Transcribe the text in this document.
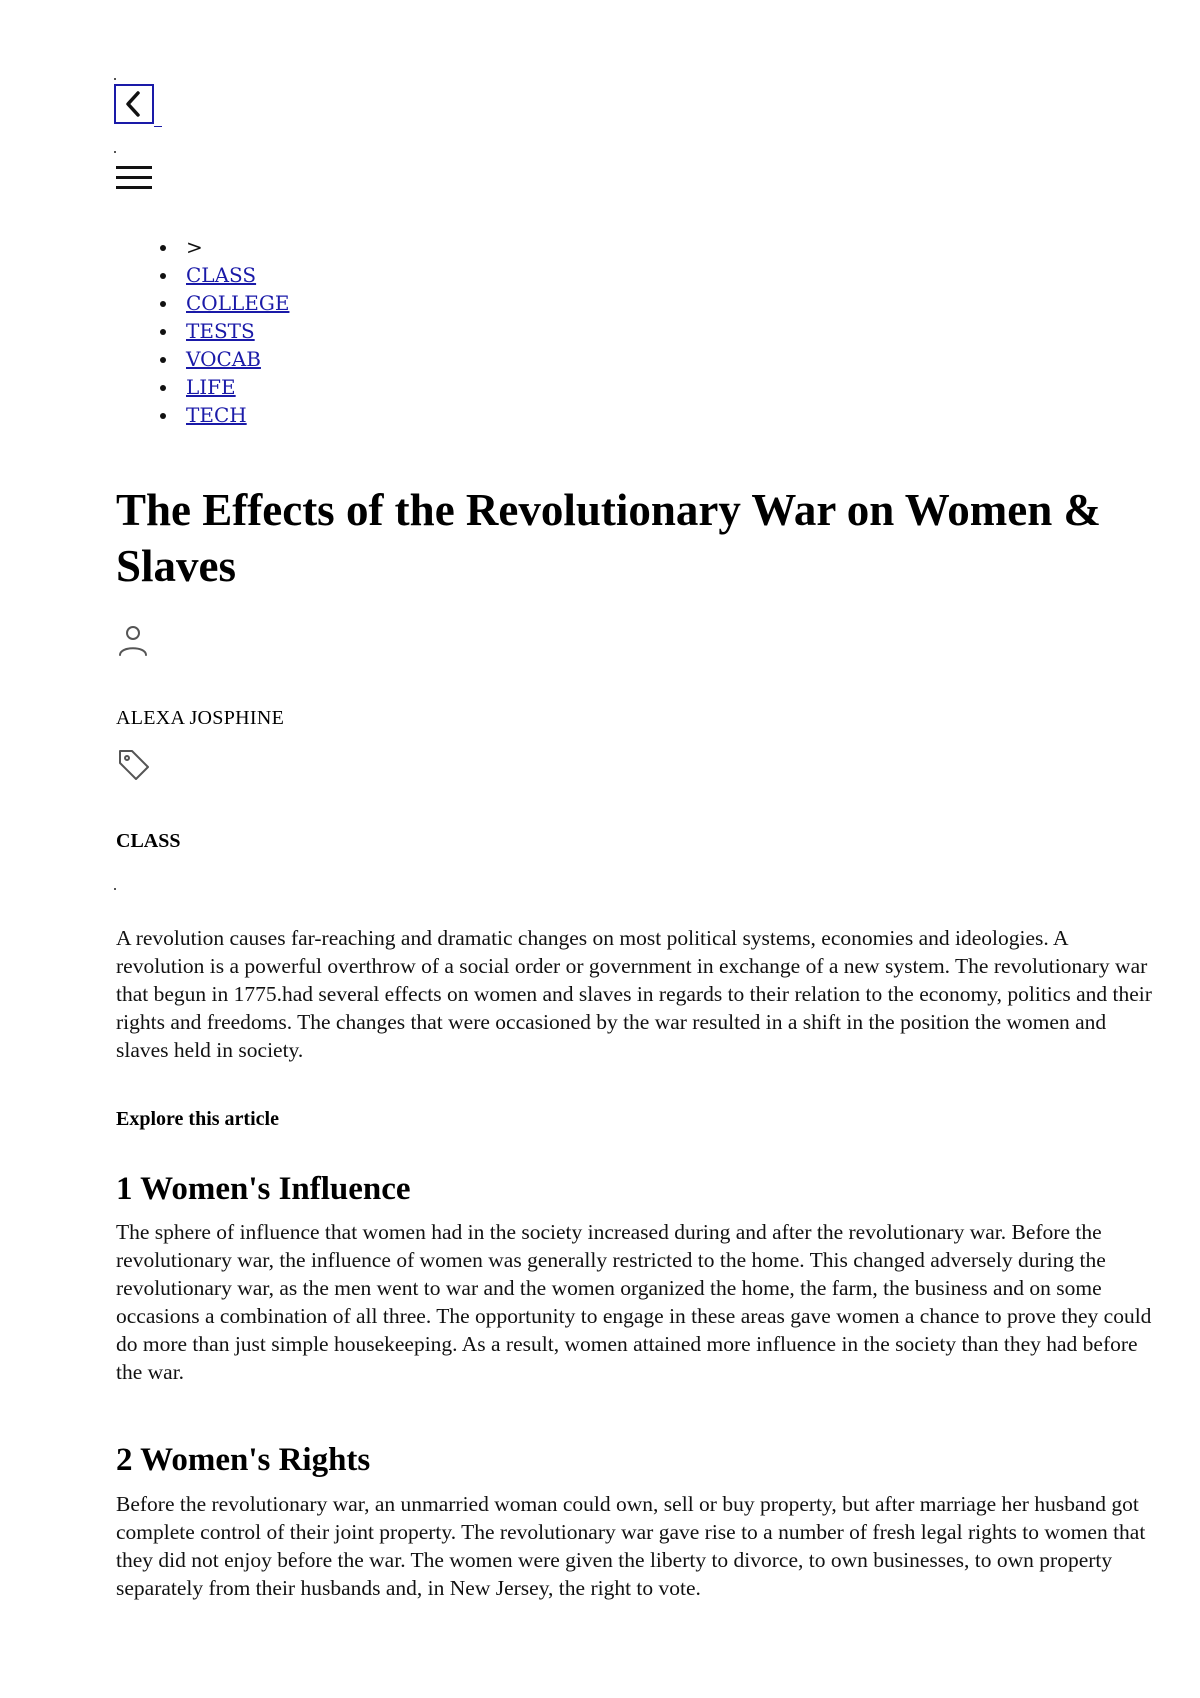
>
CLASS
COLLEGE
TESTS
VOCAB
LIFE
TECH
The Effects of the Revolutionary War on Women & Slaves
ALEXA JOSPHINE
CLASS

A revolution causes far-reaching and dramatic changes on most political systems, economies and ideologies. A revolution is a powerful overthrow of a social order or government in exchange of a new system. The revolutionary war that begun in 1775.had several effects on women and slaves in regards to their relation to the economy, politics and their rights and freedoms. The changes that were occasioned by the war resulted in a shift in the position the women and slaves held in society.

Explore this article
1 Women's Influence

The sphere of influence that women had in the society increased during and after the revolutionary war. Before the revolutionary war, the influence of women was generally restricted to the home. This changed adversely during the revolutionary war, as the men went to war and the women organized the home, the farm, the business and on some occasions a combination of all three. The opportunity to engage in these areas gave women a chance to prove they could do more than just simple housekeeping. As a result, women attained more influence in the society than they had before the war.

2 Women's Rights

Before the revolutionary war, an unmarried woman could own, sell or buy property, but after marriage her husband got complete control of their joint property. The revolutionary war gave rise to a number of fresh legal rights to women that they did not enjoy before the war. The women were given the liberty to divorce, to own businesses, to own property separately from their husbands and, in New Jersey, the right to vote.
